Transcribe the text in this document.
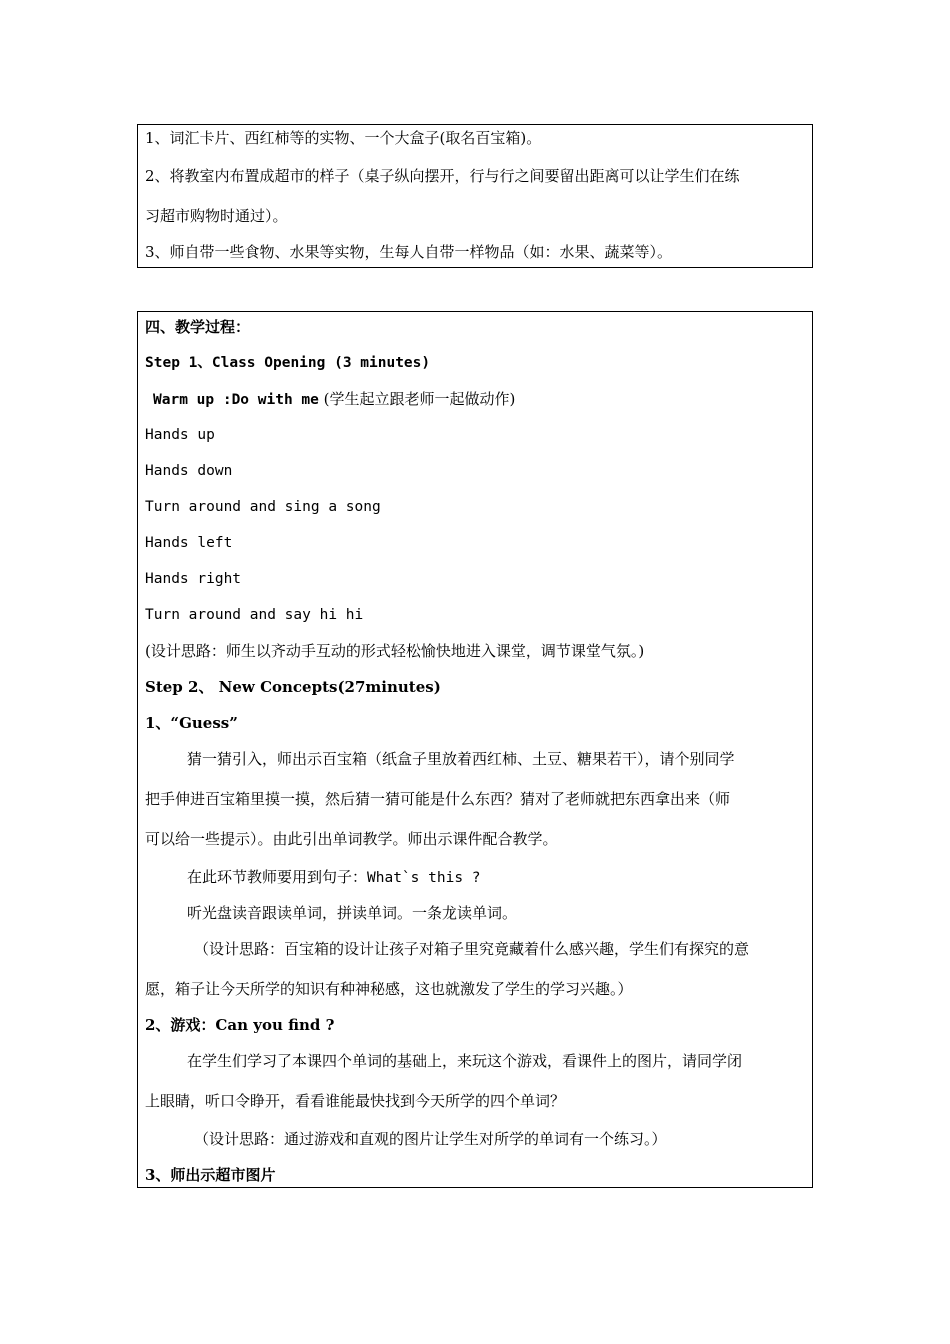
1、词汇卡片、西红柿等的实物、一个大盒子(取名百宝箱)。
2、将教室内布置成超市的样子（桌子纵向摆开，行与行之间要留出距离可以让学生们在练
习超市购物时通过）。
3、师自带一些食物、水果等实物，生每人自带一样物品（如：水果、蔬菜等）。
四、教学过程：
Step 1、Class Opening (3 minutes)
Warm up :Do with me (学生起立跟老师一起做动作)
Hands up
Hands down
Turn around and sing a song
Hands left
Hands right
Turn around and say hi hi
(设计思路：师生以齐动手互动的形式轻松愉快地进入课堂，调节课堂气氛。)
Step 2、 New Concepts(27minutes)
1、“Guess”
猜一猜引入，师出示百宝箱（纸盒子里放着西红柿、土豆、糖果若干），请个别同学
把手伸进百宝箱里摸一摸，然后猜一猜可能是什么东西？猜对了老师就把东西拿出来（师
可以给一些提示）。由此引出单词教学。师出示课件配合教学。
在此环节教师要用到句子：What`s this ?
听光盘读音跟读单词，拼读单词。一条龙读单词。
（设计思路：百宝箱的设计让孩子对箱子里究竟藏着什么感兴趣，学生们有探究的意
愿，箱子让今天所学的知识有种神秘感，这也就激发了学生的学习兴趣。）
2、游戏：Can you find ?
在学生们学习了本课四个单词的基础上，来玩这个游戏，看课件上的图片，请同学闭
上眼睛，听口令睁开，看看谁能最快找到今天所学的四个单词？
（设计思路：通过游戏和直观的图片让学生对所学的单词有一个练习。）
3、师出示超市图片
